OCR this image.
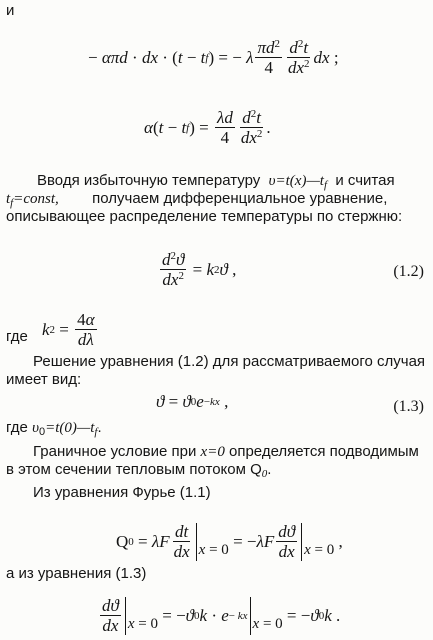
и
− απd · dx · ( t − t f ) = − λ $\frac{\pi d^2}{4} \frac{d^2t}{dx^2}$ dx ;
α ( t − t f ) = $\frac{\lambda d}{4} \frac{d^2t}{dx^2}$ .
Вводя избыточную температуру $\upsilon=t(x)—t_f$ и считая
$t_f=const$, получаем дифференциальное уравнение,
описывающее распределение температуры по стержню:
$\frac{d^2ϑ}{dx^2} = k$ 2 ϑ ,	(1.2)
где k $2 = \frac{4\alpha}{d\lambda}$
Решение уравнения (1.2) для рассматриваемого случая
имеет вид:
ϑ = ϑ 0 e −kx ,	(1.3)
где $\upsilon_0=t(0)—t_f$.
Граничное условие при x=0 определяется подводимым
в этом сечении тепловым потоком $Q_0$.
Из уравнения Фурье (1.1)
Q 0 = λF $\frac{dt}{dx}$ x = 0 = − λF $\frac{dϑ}{dx}$ x = 0 ,
а из уравнения (1.3)
$\frac{dϑ}{dx}$ x = 0 = − ϑ 0 k · e − kx
x = 0 = − ϑ 0 k .
